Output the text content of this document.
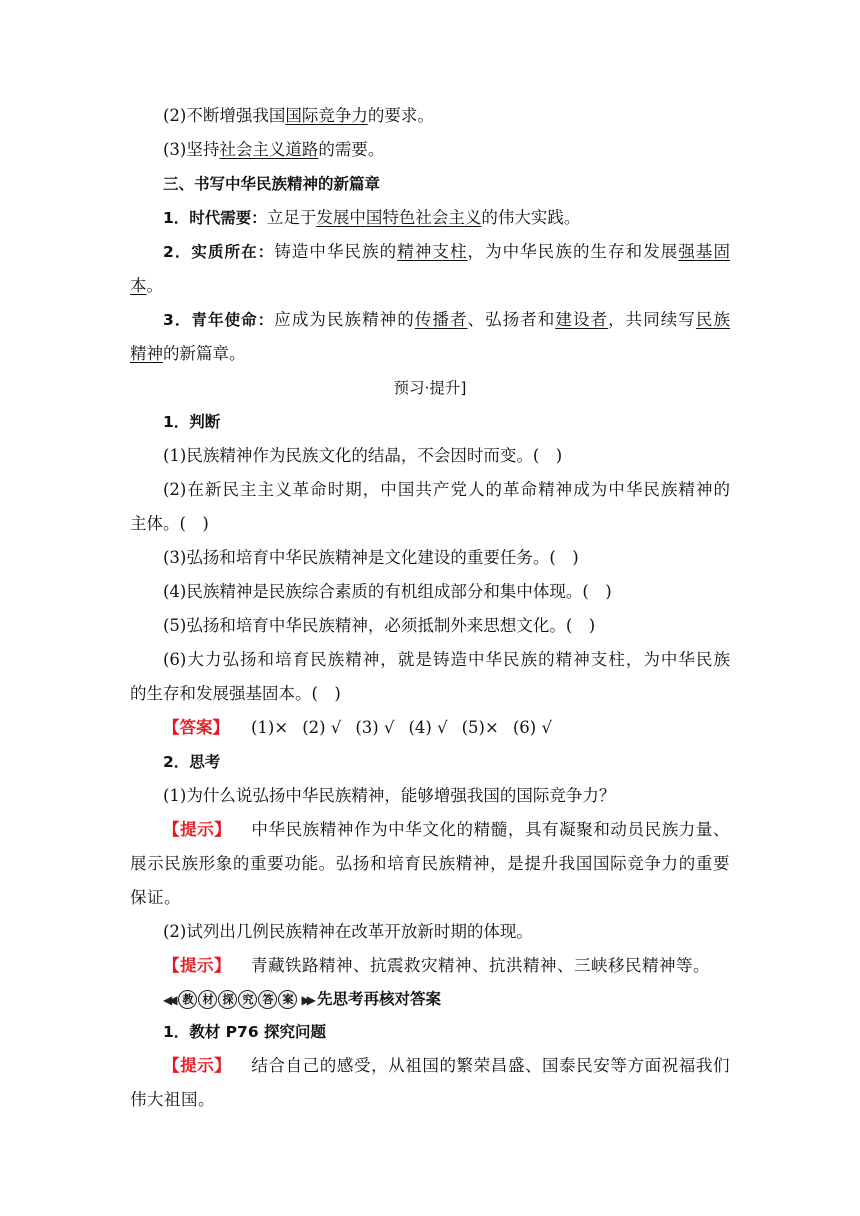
(2)不断增强我国国际竞争力的要求。
(3)坚持社会主义道路的需要。
三、书写中华民族精神的新篇章
1．时代需要：立足于发展中国特色社会主义的伟大实践。
2．实质所在：铸造中华民族的精神支柱，为中华民族的生存和发展强基固
本。
3．青年使命：应成为民族精神的传播者、弘扬者和建设者，共同续写民族
精神的新篇章。
预习·提升]
1．判断
(1)民族精神作为民族文化的结晶，不会因时而变。(　)
(2)在新民主主义革命时期，中国共产党人的革命精神成为中华民族精神的
主体。(　)
(3)弘扬和培育中华民族精神是文化建设的重要任务。(　)
(4)民族精神是民族综合素质的有机组成部分和集中体现。(　)
(5)弘扬和培育中华民族精神，必须抵制外来思想文化。(　)
(6)大力弘扬和培育民族精神，就是铸造中华民族的精神支柱，为中华民族
的生存和发展强基固本。(　)
【答案】 (1)× (2) √ (3) √ (4) √ (5)× (6) √
2．思考
(1)为什么说弘扬中华民族精神，能够增强我国的国际竞争力？
【提示】 中华民族精神作为中华文化的精髓，具有凝聚和动员民族力量、
展示民族形象的重要功能。弘扬和培育民族精神，是提升我国国际竞争力的重要
保证。
(2)试列出几例民族精神在改革开放新时期的体现。
【提示】 青藏铁路精神、抗震救灾精神、抗洪精神、三峡移民精神等。
◀◀ 教 材 探 究 答 案 ▶▶ 先思考再核对答案
1．教材 P76 探究问题
【提示】 结合自己的感受，从祖国的繁荣昌盛、国泰民安等方面祝福我们
伟大祖国。
